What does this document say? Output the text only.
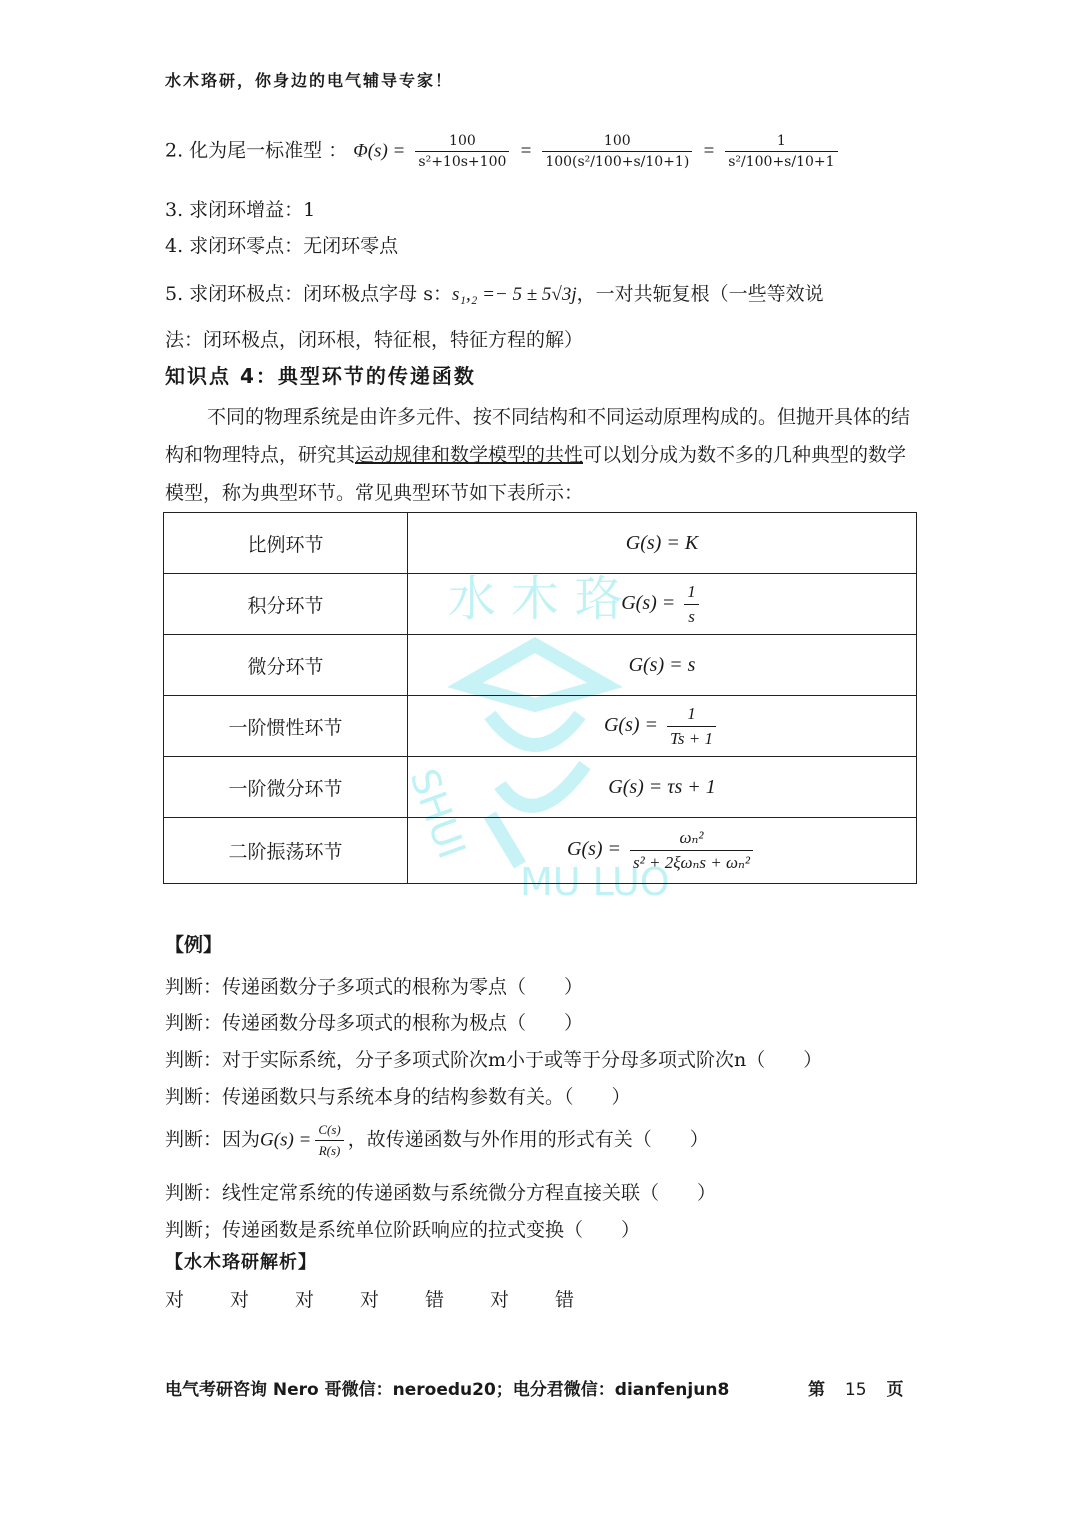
水 木 珞
SHUI
MU LUO
水木珞研，你身边的电气辅导专家！
2. 化为尾一标准型 ： $\Phi(s) = \frac{100}{\text{s²+10s+100}} = \frac{100}{\text{100(s²/100+s/10+1)}} = \frac{1}{\text{s²/100+s/10+1}}$
3. 求闭环增益：1
4. 求闭环零点：无闭环零点
5. 求闭环极点：闭环极点字母 s：s₁,₂ =− 5 ± 5√3j，一对共轭复根（一些等效说
法：闭环极点，闭环根，特征根，特征方程的解）
知识点 4：典型环节的传递函数
不同的物理系统是由许多元件、按不同结构和不同运动原理构成的。但抛开具体的结构和物理特点，研究其运动规律和数学模型的共性可以划分成为数不多的几种典型的数学模型，称为典型环节。常见典型环节如下表所示：
比例环节	G(s) = K
积分环节	$G(s) = \frac{1}{s}$

微分环节	G(s) = s
一阶惯性环节	$G(s) = \frac{1}{Ts + 1}$

一阶微分环节	G(s) = τs + 1
二阶振荡环节	$G(s) = \frac{\text{ωₙ²}}{\text{s² + 2ξωₙs + ωₙ²}}$
【例】
判断：传递函数分子多项式的根称为零点（　　）
判断：传递函数分母多项式的根称为极点（　　）
判断：对于实际系统，分子多项式阶次m小于或等于分母多项式阶次n（　　）
判断：传递函数只与系统本身的结构参数有关。（　　）
判断：因为$G(s) = \frac{C(s)}{R(s)}$ ，故传递函数与外作用的形式有关（　　）
判断：线性定常系统的传递函数与系统微分方程直接关联（　　）
判断；传递函数是系统单位阶跃响应的拉式变换（　　）
【水木珞研解析】
对 对 对 对 错 对 错
电气考研咨询 Nero 哥微信：neroedu20；电分君微信：dianfenjun8	第 15 页
